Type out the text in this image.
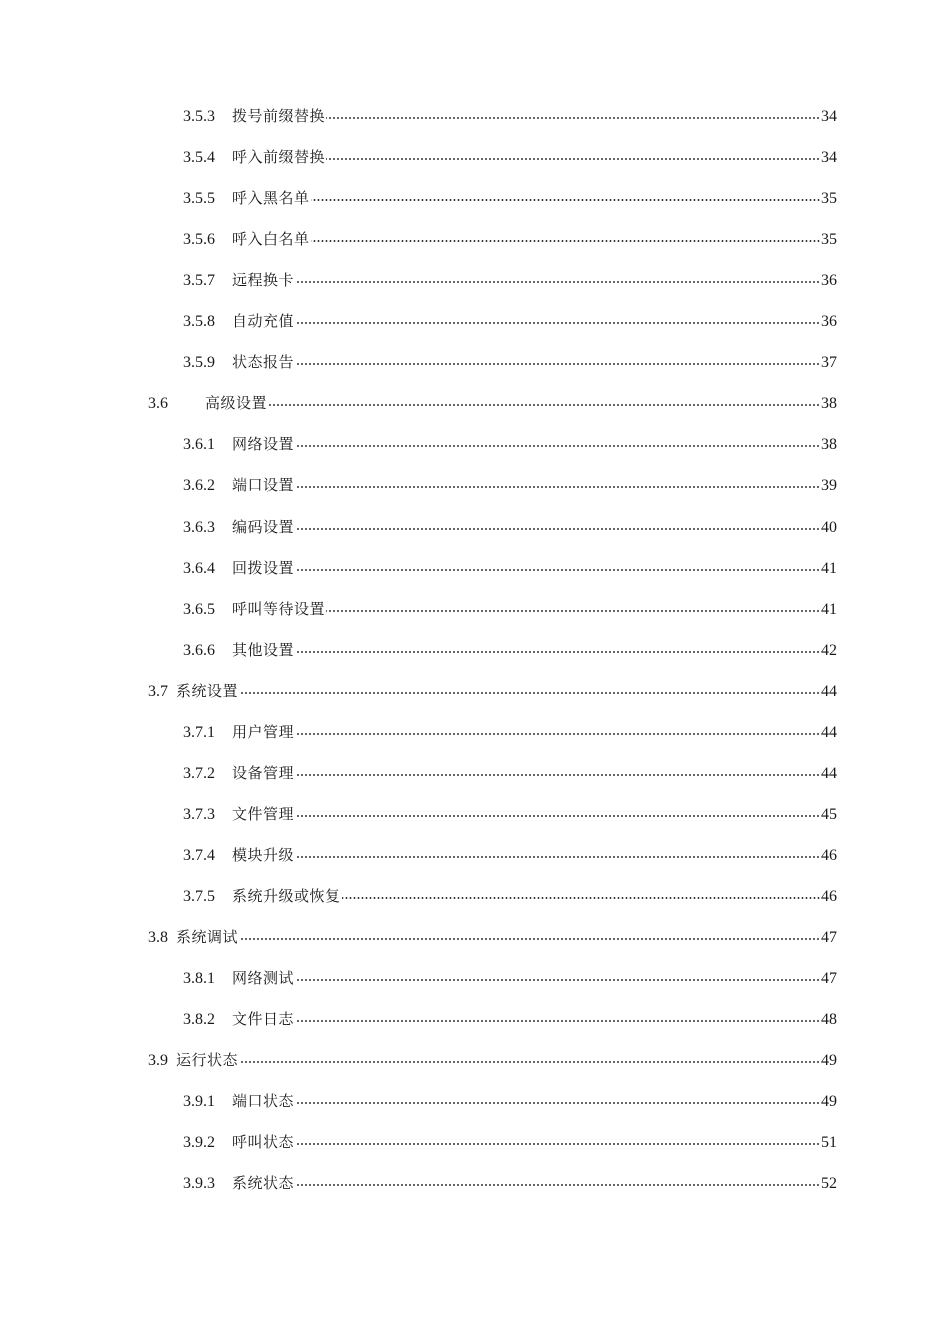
3.5.3	拨号前缀替换	34
3.5.4	呼入前缀替换	34
3.5.5	呼入黑名单	35
3.5.6	呼入白名单	35
3.5.7	远程换卡	36
3.5.8	自动充值	36
3.5.9	状态报告	37
3.6	高级设置	38
3.6.1	网络设置	38
3.6.2	端口设置	39
3.6.3	编码设置	40
3.6.4	回拨设置	41
3.6.5	呼叫等待设置	41
3.6.6	其他设置	42
3.7 系统设置	44
3.7.1	用户管理	44
3.7.2	设备管理	44
3.7.3	文件管理	45
3.7.4	模块升级	46
3.7.5	系统升级或恢复	46
3.8 系统调试	47
3.8.1	网络测试	47
3.8.2	文件日志	48
3.9 运行状态	49
3.9.1	端口状态	49
3.9.2	呼叫状态	51
3.9.3	系统状态	52
